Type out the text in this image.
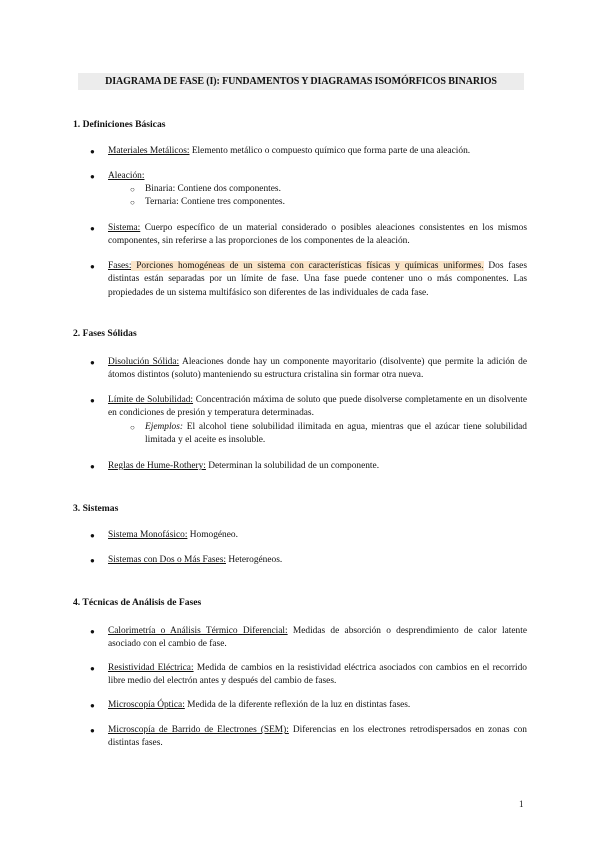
DIAGRAMA DE FASE (I): FUNDAMENTOS Y DIAGRAMAS ISOMÓRFICOS BINARIOS
1. Definiciones Básicas
● Materiales Metálicos: Elemento metálico o compuesto químico que forma parte de una aleación.
● Aleación:
○ Binaria: Contiene dos componentes.
○ Ternaria: Contiene tres componentes.
● Sistema: Cuerpo específico de un material considerado o posibles aleaciones consistentes en los mismos componentes, sin referirse a las proporciones de los componentes de la aleación.
● Fases: Porciones homogéneas de un sistema con características físicas y químicas uniformes. Dos fases distintas están separadas por un límite de fase. Una fase puede contener uno o más componentes. Las propiedades de un sistema multifásico son diferentes de las individuales de cada fase.
2. Fases Sólidas
● Disolución Sólida: Aleaciones donde hay un componente mayoritario (disolvente) que permite la adición de átomos distintos (soluto) manteniendo su estructura cristalina sin formar otra nueva.
● Límite de Solubilidad: Concentración máxima de soluto que puede disolverse completamente en un disolvente en condiciones de presión y temperatura determinadas.
○ Ejemplos: El alcohol tiene solubilidad ilimitada en agua, mientras que el azúcar tiene solubilidad limitada y el aceite es insoluble.
● Reglas de Hume-Rothery: Determinan la solubilidad de un componente.
3. Sistemas
● Sistema Monofásico: Homogéneo.
● Sistemas con Dos o Más Fases: Heterogéneos.
4. Técnicas de Análisis de Fases
● Calorimetría o Análisis Térmico Diferencial: Medidas de absorción o desprendimiento de calor latente asociado con el cambio de fase.
● Resistividad Eléctrica: Medida de cambios en la resistividad eléctrica asociados con cambios en el recorrido libre medio del electrón antes y después del cambio de fases.
● Microscopía Óptica: Medida de la diferente reflexión de la luz en distintas fases.
● Microscopía de Barrido de Electrones (SEM): Diferencias en los electrones retrodispersados en zonas con distintas fases.
1
